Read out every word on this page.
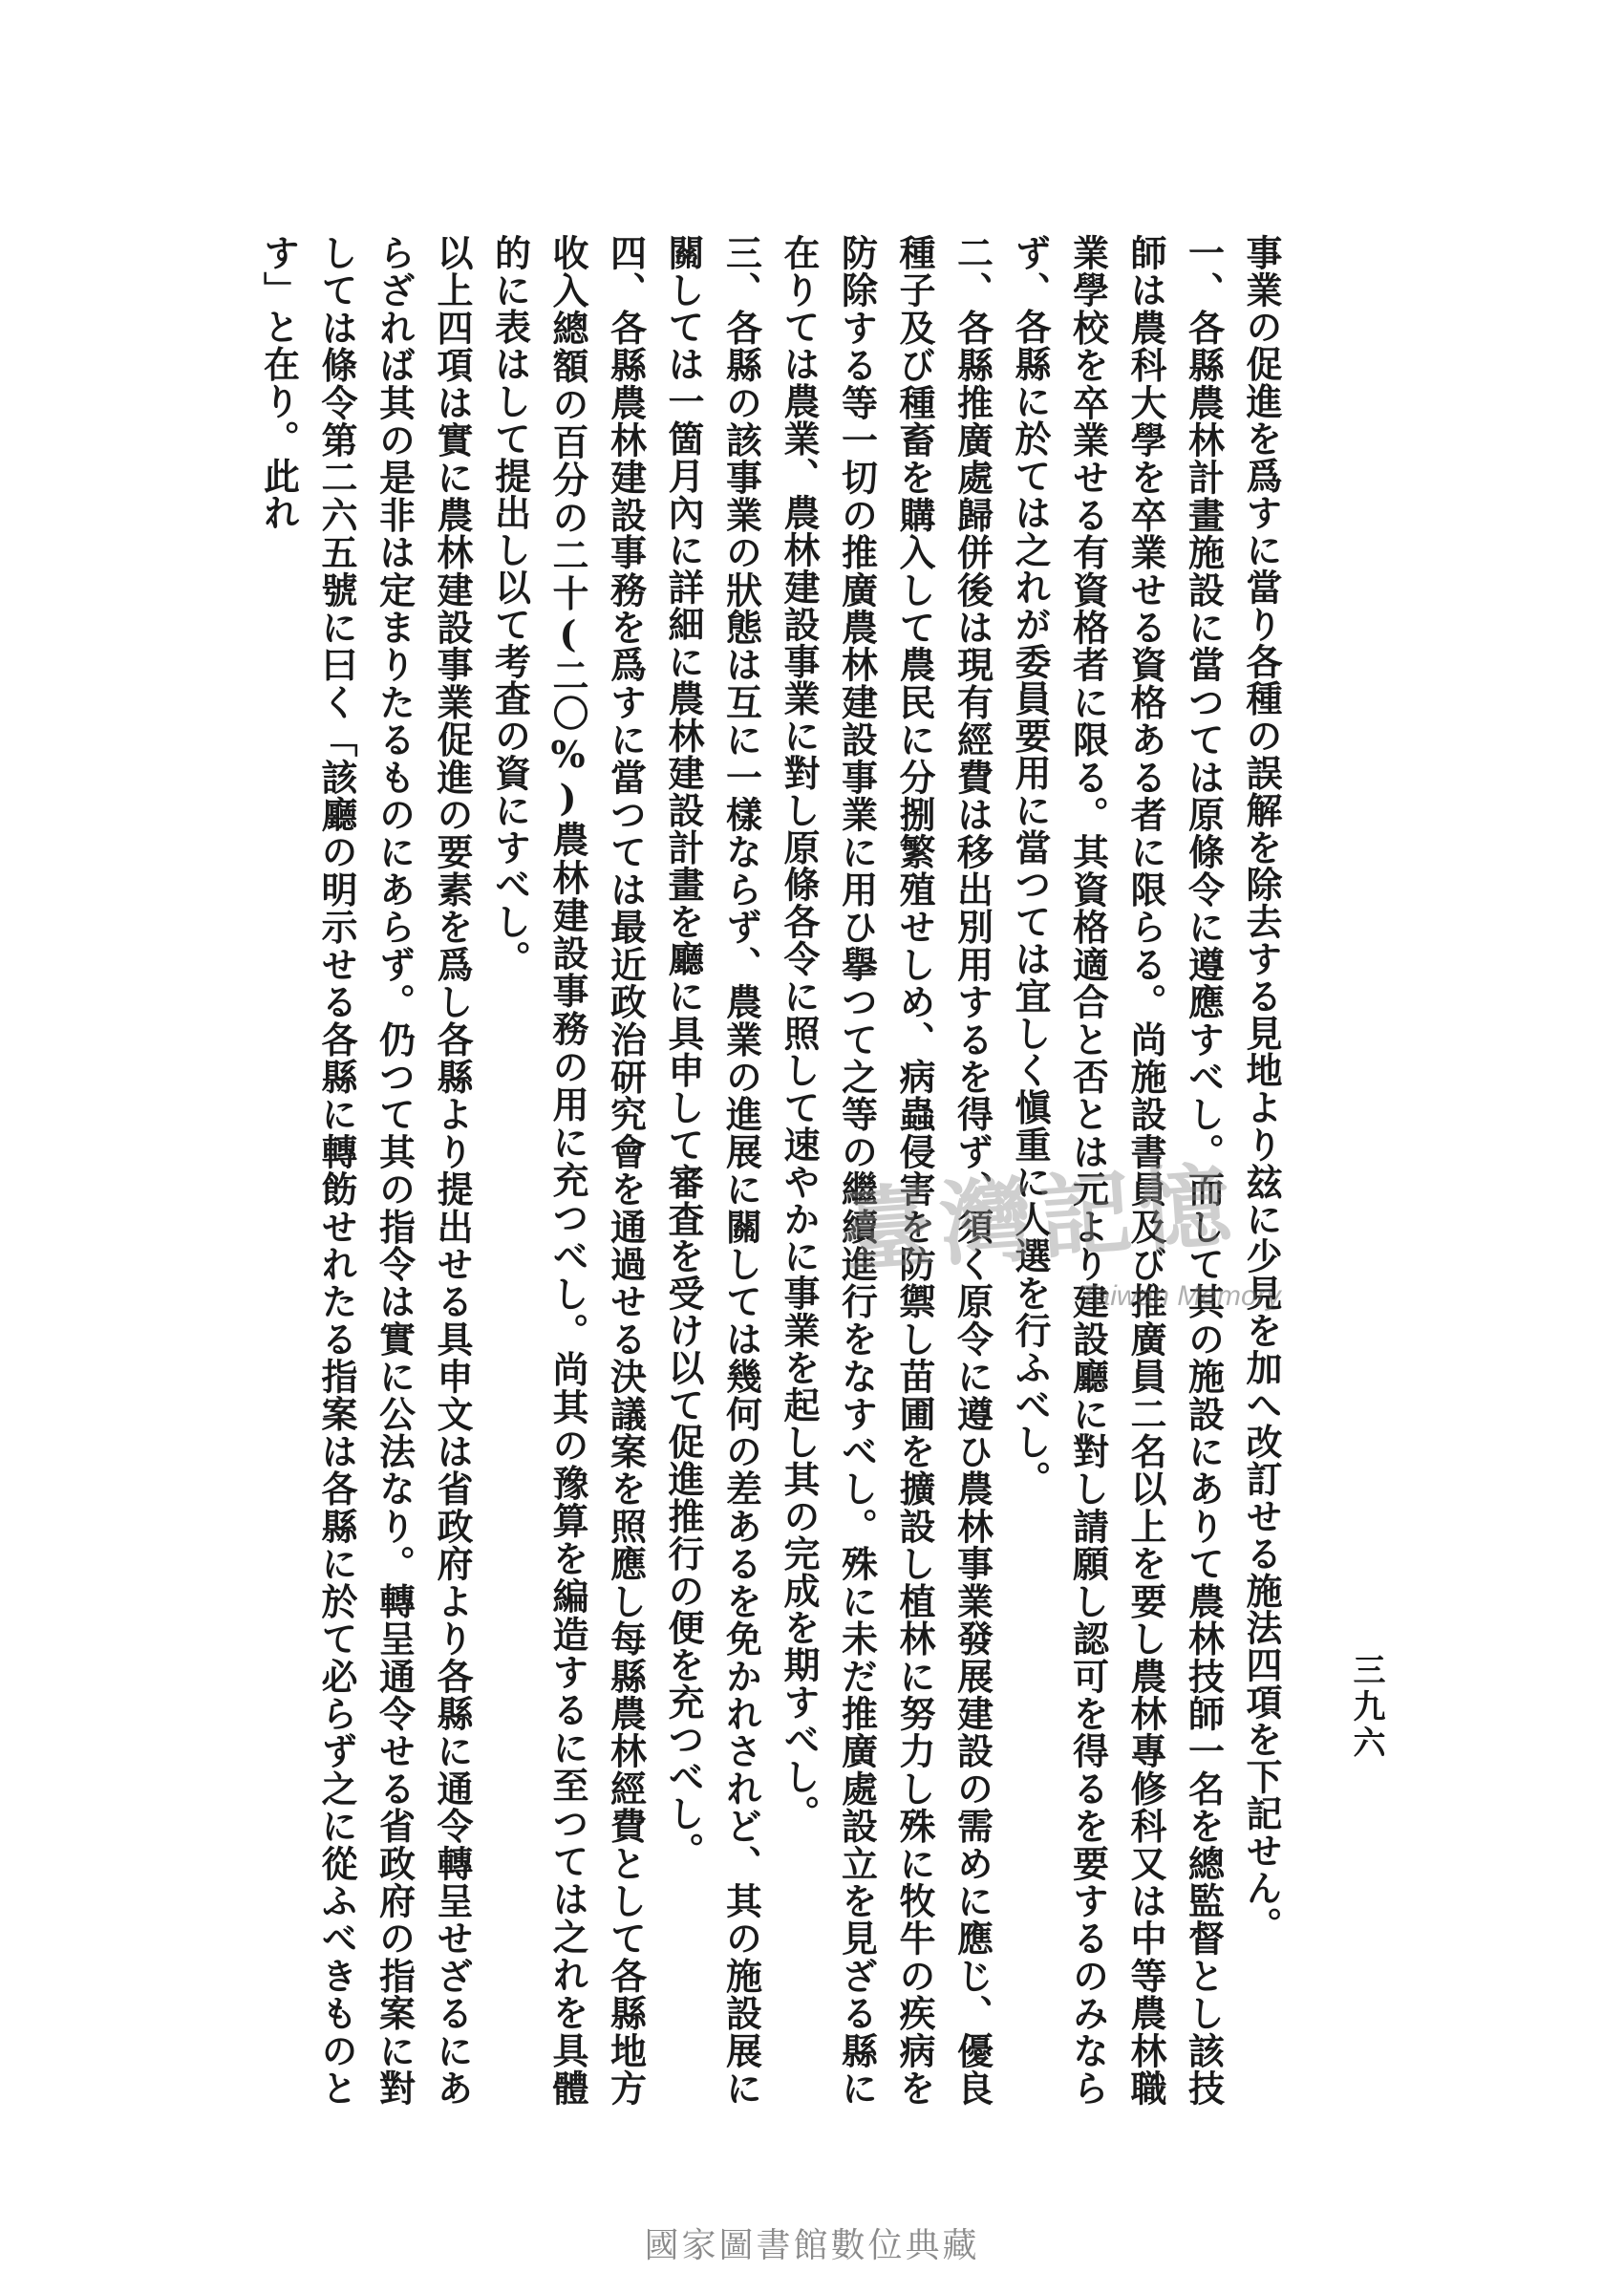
三九六

事業の促進を爲すに當り各種の誤解を除去する見地より玆に少見を加へ改訂せる施法四項を下記せん。

一、各縣農林計畫施設に當つては原條令に遵應すべし。而して其の施設にありて農林技師一名を總監督とし該技師は農科大學を卒業せる資格ある者に限らる。尚施設書員及び推廣員二名以上を要し農林專修科又は中等農林職業學校を卒業せる有資格者に限る。其資格適合と否とは元より建設廳に對し請願し認可を得るを要するのみならず、各縣に於ては之れが委員要用に當つては宜しく愼重に人選を行ふべし。

二、各縣推廣處歸併後は現有經費は移出別用するを得ず、須く原令に遵ひ農林事業發展建設の需めに應じ、優良種子及び種畜を購入して農民に分捌繁殖せしめ、病蟲侵害を防禦し苗圃を擴設し植林に努力し殊に牧牛の疾病を防除する等一切の推廣農林建設事業に用ひ擧つて之等の繼續進行をなすべし。殊に未だ推廣處設立を見ざる縣に在りては農業、農林建設事業に對し原條各令に照して速やかに事業を起し其の完成を期すべし。

三、各縣の該事業の狀態は互に一樣ならず、農業の進展に關しては幾何の差あるを免かれされど、其の施設展に關しては一箇月內に詳細に農林建設計畫を廳に具申して審査を受け以て促進推行の便を充つべし。

四、各縣農林建設事務を爲すに當つては最近政治研究會を通過せる決議案を照應し每縣農林經費として各縣地方收入總額の百分の二十(二〇%)農林建設事務の用に充つべし。尚其の豫算を編造するに至つては之れを具體的に表はして提出し以て考査の資にすべし。

以上四項は實に農林建設事業促進の要素を爲し各縣より提出せる具申文は省政府より各縣に通令轉呈せざるにあらざれば其の是非は定まりたるものにあらず。仍つて其の指令は實に公法なり。轉呈通令せる省政府の指案に對しては條令第二六五號に曰く「該廳の明示せる各縣に轉飭せれたる指案は各縣に於て必らず之に從ふべきものとす」と在り。此れ

臺灣記憶
Taiwan Memory
國家圖書館數位典藏
